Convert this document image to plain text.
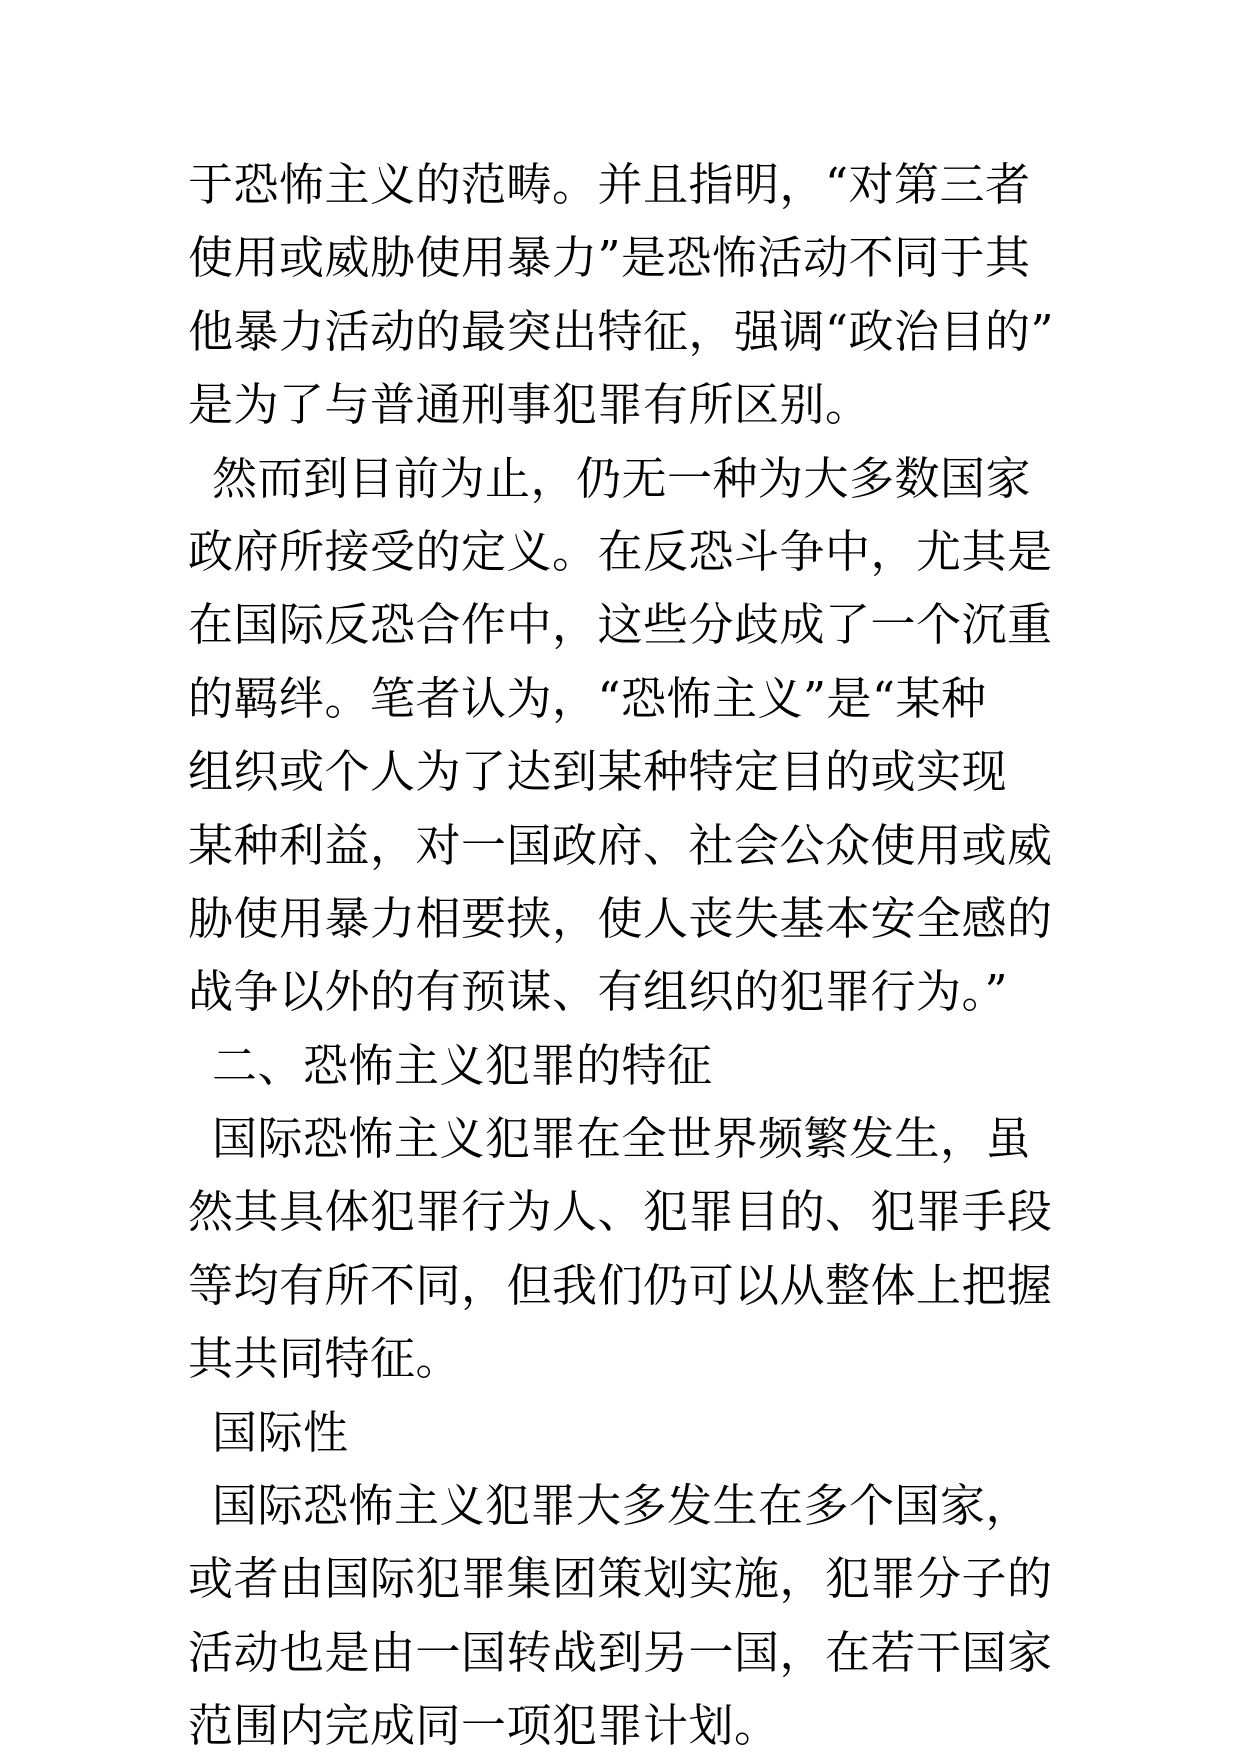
于恐怖主义的范畴。并且指明，“对第三者
使用或威胁使用暴力”是恐怖活动不同于其
他暴力活动的最突出特征，强调“政治目的”
是为了与普通刑事犯罪有所区别。
然而到目前为止，仍无一种为大多数国家
政府所接受的定义。在反恐斗争中，尤其是
在国际反恐合作中，这些分歧成了一个沉重
的羁绊。笔者认为，“恐怖主义”是“某种
组织或个人为了达到某种特定目的或实现
某种利益，对一国政府、社会公众使用或威
胁使用暴力相要挟，使人丧失基本安全感的
战争以外的有预谋、有组织的犯罪行为。”
二、恐怖主义犯罪的特征
国际恐怖主义犯罪在全世界频繁发生，虽
然其具体犯罪行为人、犯罪目的、犯罪手段
等均有所不同，但我们仍可以从整体上把握
其共同特征。
国际性
国际恐怖主义犯罪大多发生在多个国家，
或者由国际犯罪集团策划实施，犯罪分子的
活动也是由一国转战到另一国，在若干国家
范围内完成同一项犯罪计划。
